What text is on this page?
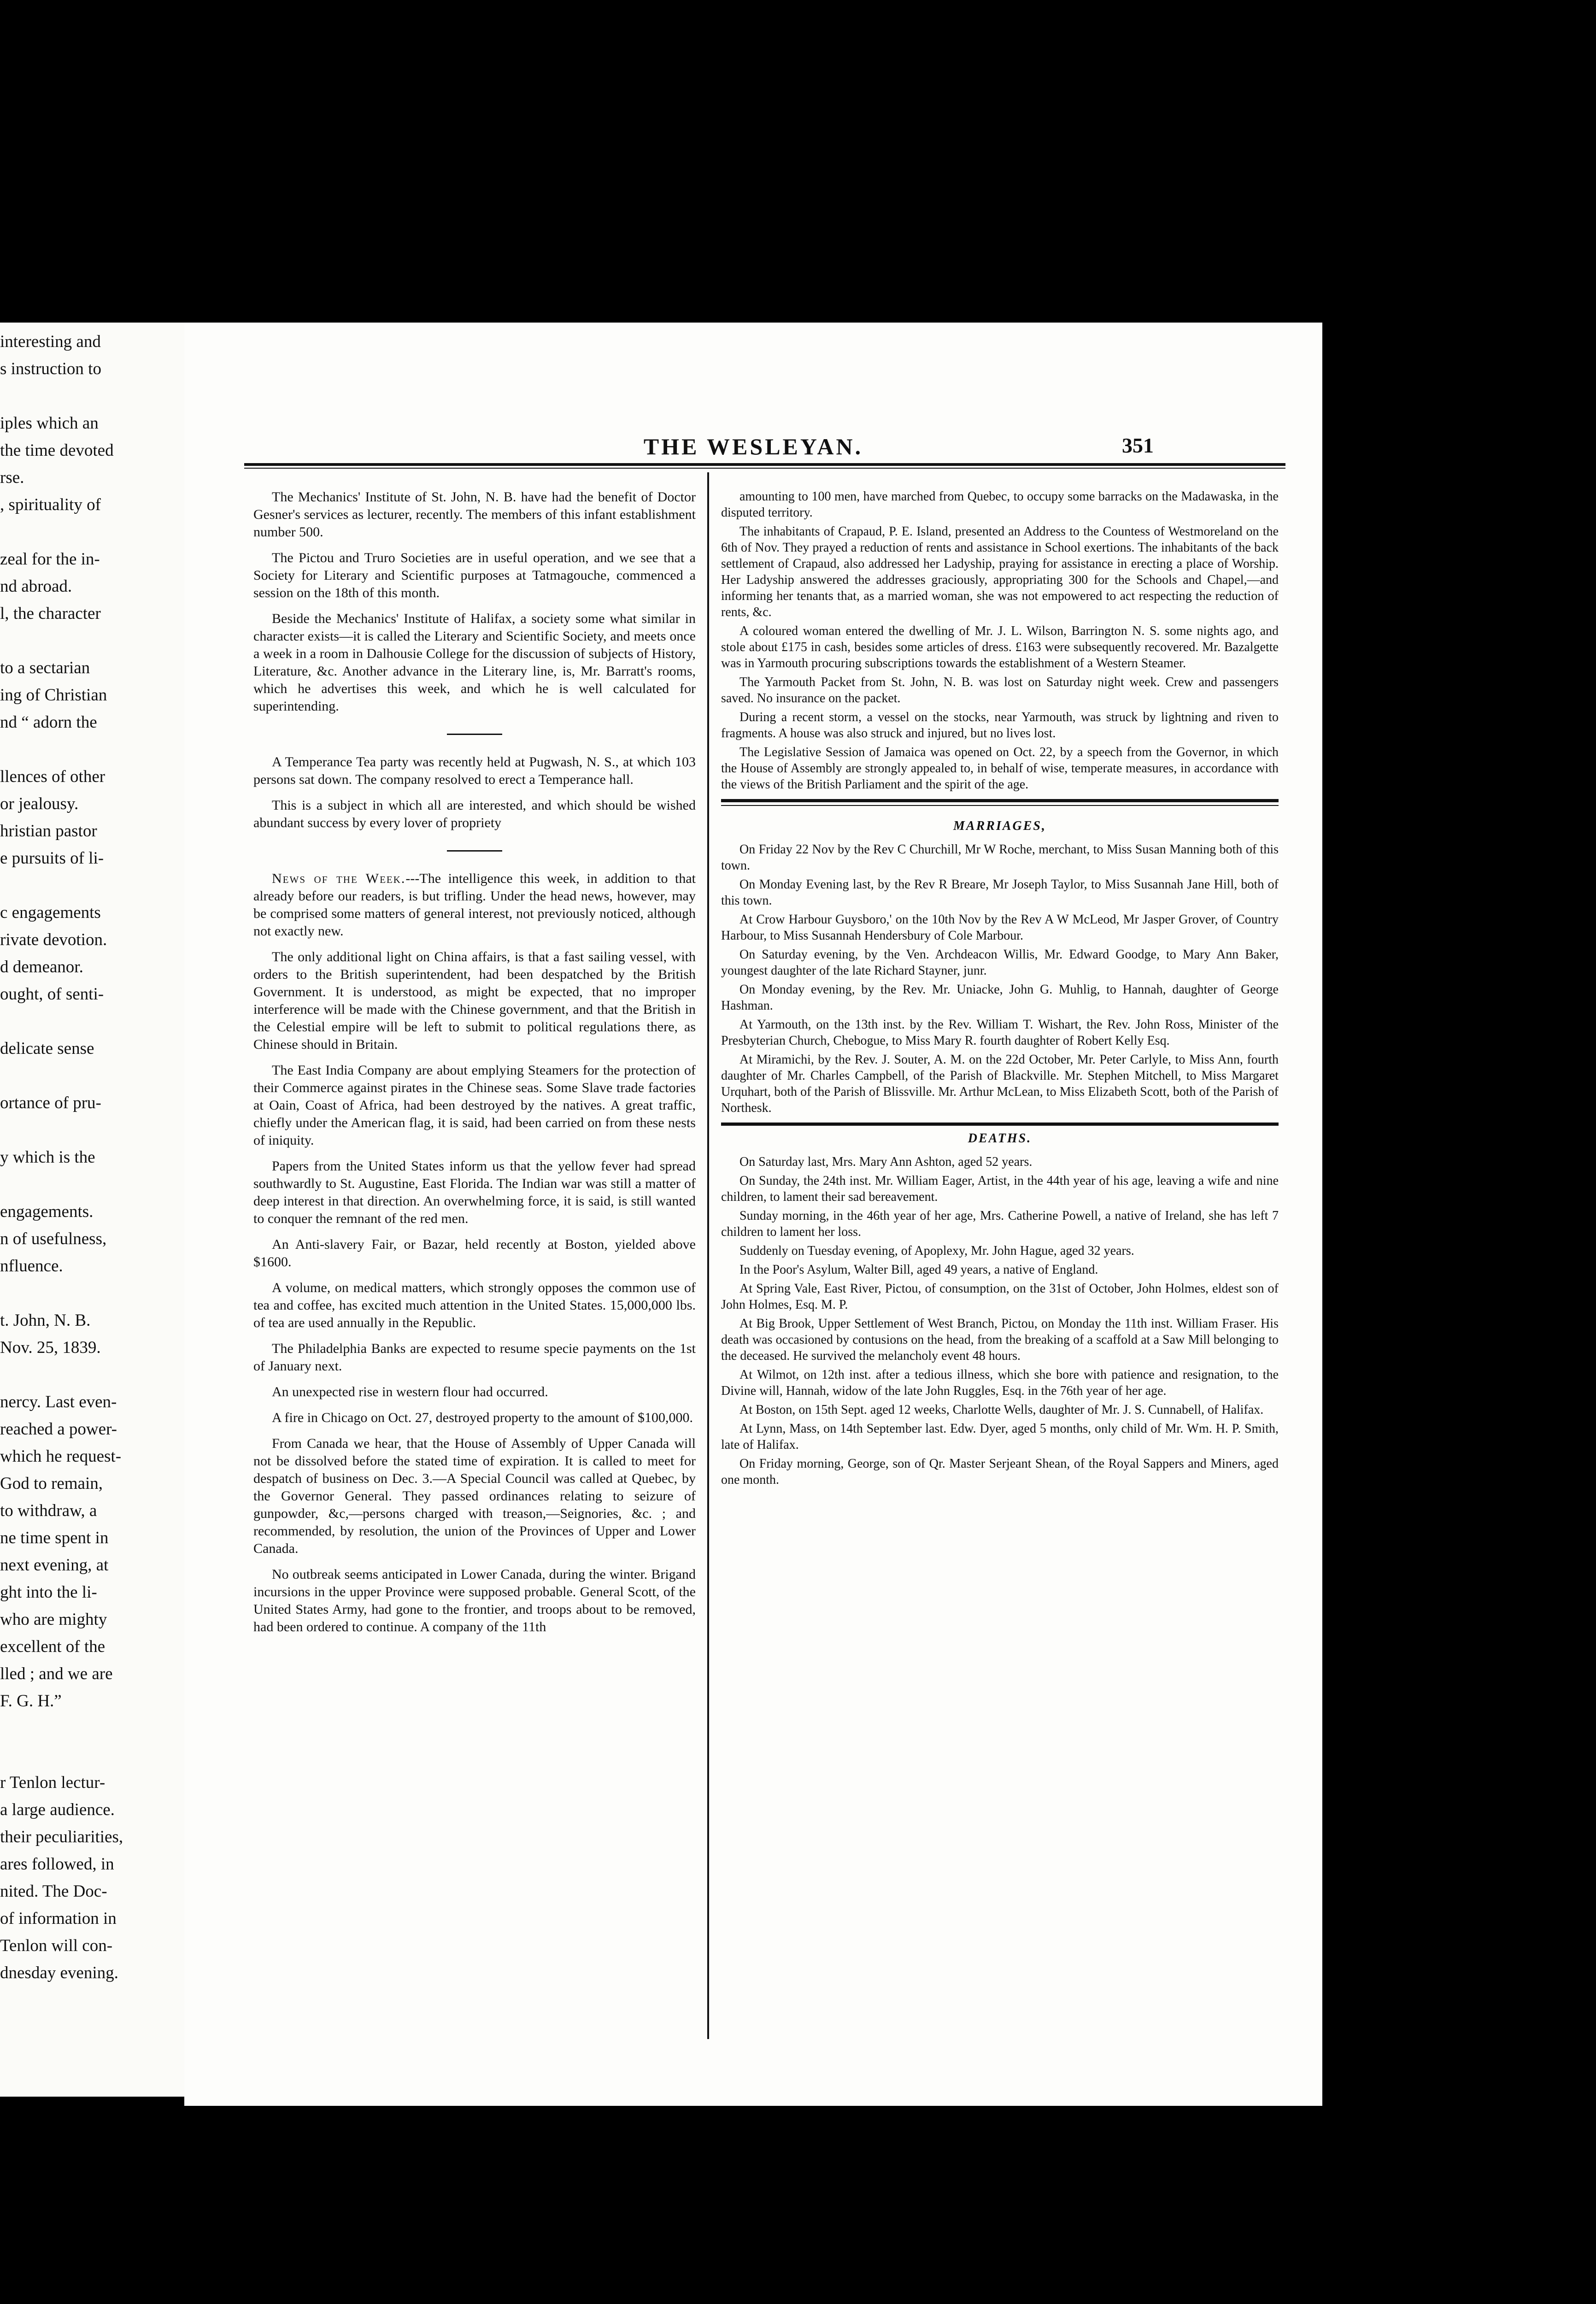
interesting and
s instruction to
iples which an
the time devoted
rse.
, spirituality of
zeal for the in-
nd abroad.
l, the character
to a sectarian
ing of Christian
nd “ adorn the
llences of other
or jealousy.
hristian pastor
e pursuits of li-
c engagements
rivate devotion.
d demeanor.
ought, of senti-
delicate sense
ortance of pru-
y which is the
engagements.
n of usefulness,
nfluence.
t. John, N. B.
Nov. 25, 1839.
nercy. Last even-
reached a power-
which he request-
God to remain,
to withdraw, a
ne time spent in
next evening, at
ght into the li-
who are mighty
excellent of the
lled ; and we are
F. G. H.”
r Tenlon lectur-
a large audience.
their peculiarities,
ares followed, in
nited. The Doc-
of information in
Tenlon will con-
dnesday evening.
THE WESLEYAN.	351

The Mechanics' Institute of St. John, N. B. have had the benefit of Doctor Gesner's services as lecturer, recently. The members of this infant establishment number 500.

The Pictou and Truro Societies are in useful operation, and we see that a Society for Literary and Scientific purposes at Tatmagouche, commenced a session on the 18th of this month.

Beside the Mechanics' Institute of Halifax, a society some what similar in character exists—it is called the Literary and Scientific Society, and meets once a week in a room in Dalhousie College for the discussion of subjects of History, Literature, &c. Another advance in the Literary line, is, Mr. Barratt's rooms, which he advertises this week, and which he is well calculated for superintending.

A Temperance Tea party was recently held at Pugwash, N. S., at which 103 persons sat down. The company resolved to erect a Temperance hall.

This is a subject in which all are interested, and which should be wished abundant success by every lover of propriety

News of the Week.---The intelligence this week, in addition to that already before our readers, is but trifling. Under the head news, however, may be comprised some matters of general interest, not previously noticed, although not exactly new.

The only additional light on China affairs, is that a fast sailing vessel, with orders to the British superintendent, had been despatched by the British Government. It is understood, as might be expected, that no improper interference will be made with the Chinese government, and that the British in the Celestial empire will be left to submit to political regulations there, as Chinese should in Britain.

The East India Company are about emplying Steamers for the protection of their Commerce against pirates in the Chinese seas. Some Slave trade factories at Oain, Coast of Africa, had been destroyed by the natives. A great traffic, chiefly under the American flag, it is said, had been carried on from these nests of iniquity.

Papers from the United States inform us that the yellow fever had spread southwardly to St. Augustine, East Florida. The Indian war was still a matter of deep interest in that direction. An overwhelming force, it is said, is still wanted to conquer the remnant of the red men.

An Anti-slavery Fair, or Bazar, held recently at Boston, yielded above $1600.

A volume, on medical matters, which strongly opposes the common use of tea and coffee, has excited much attention in the United States. 15,000,000 lbs. of tea are used annually in the Republic.

The Philadelphia Banks are expected to resume specie payments on the 1st of January next.

An unexpected rise in western flour had occurred.

A fire in Chicago on Oct. 27, destroyed property to the amount of $100,000.

From Canada we hear, that the House of Assembly of Upper Canada will not be dissolved before the stated time of expiration. It is called to meet for despatch of business on Dec. 3.—A Special Council was called at Quebec, by the Governor General. They passed ordinances relating to seizure of gunpowder, &c,—persons charged with treason,—Seignories, &c. ; and recommended, by resolution, the union of the Provinces of Upper and Lower Canada.

No outbreak seems anticipated in Lower Canada, during the winter. Brigand incursions in the upper Province were supposed probable. General Scott, of the United States Army, had gone to the frontier, and troops about to be removed, had been ordered to continue. A company of the 11th

amounting to 100 men, have marched from Quebec, to occupy some barracks on the Madawaska, in the disputed territory.

The inhabitants of Crapaud, P. E. Island, presented an Address to the Countess of Westmoreland on the 6th of Nov. They prayed a reduction of rents and assistance in School exertions. The inhabitants of the back settlement of Crapaud, also addressed her Ladyship, praying for assistance in erecting a place of Worship. Her Ladyship answered the addresses graciously, appropriating 300 for the Schools and Chapel,—and informing her tenants that, as a married woman, she was not empowered to act respecting the reduction of rents, &c.

A coloured woman entered the dwelling of Mr. J. L. Wilson, Barrington N. S. some nights ago, and stole about £175 in cash, besides some articles of dress. £163 were subsequently recovered. Mr. Bazalgette was in Yarmouth procuring subscriptions towards the establishment of a Western Steamer.

The Yarmouth Packet from St. John, N. B. was lost on Saturday night week. Crew and passengers saved. No insurance on the packet.

During a recent storm, a vessel on the stocks, near Yarmouth, was struck by lightning and riven to fragments. A house was also struck and injured, but no lives lost.

The Legislative Session of Jamaica was opened on Oct. 22, by a speech from the Governor, in which the House of Assembly are strongly appealed to, in behalf of wise, temperate measures, in accordance with the views of the British Parliament and the spirit of the age.

MARRIAGES,

On Friday 22 Nov by the Rev C Churchill, Mr W Roche, merchant, to Miss Susan Manning both of this town.

On Monday Evening last, by the Rev R Breare, Mr Joseph Taylor, to Miss Susannah Jane Hill, both of this town.

At Crow Harbour Guysboro,' on the 10th Nov by the Rev A W McLeod, Mr Jasper Grover, of Country Harbour, to Miss Susannah Hendersbury of Cole Marbour.

On Saturday evening, by the Ven. Archdeacon Willis, Mr. Edward Goodge, to Mary Ann Baker, youngest daughter of the late Richard Stayner, junr.

On Monday evening, by the Rev. Mr. Uniacke, John G. Muhlig, to Hannah, daughter of George Hashman.

At Yarmouth, on the 13th inst. by the Rev. William T. Wishart, the Rev. John Ross, Minister of the Presbyterian Church, Chebogue, to Miss Mary R. fourth daughter of Robert Kelly Esq.

At Miramichi, by the Rev. J. Souter, A. M. on the 22d October, Mr. Peter Carlyle, to Miss Ann, fourth daughter of Mr. Charles Campbell, of the Parish of Blackville. Mr. Stephen Mitchell, to Miss Margaret Urquhart, both of the Parish of Blissville. Mr. Arthur McLean, to Miss Elizabeth Scott, both of the Parish of Northesk.

DEATHS.

On Saturday last, Mrs. Mary Ann Ashton, aged 52 years.

On Sunday, the 24th inst. Mr. William Eager, Artist, in the 44th year of his age, leaving a wife and nine children, to lament their sad bereavement.

Sunday morning, in the 46th year of her age, Mrs. Catherine Powell, a native of Ireland, she has left 7 children to lament her loss.

Suddenly on Tuesday evening, of Apoplexy, Mr. John Hague, aged 32 years.

In the Poor's Asylum, Walter Bill, aged 49 years, a native of England.

At Spring Vale, East River, Pictou, of consumption, on the 31st of October, John Holmes, eldest son of John Holmes, Esq. M. P.

At Big Brook, Upper Settlement of West Branch, Pictou, on Monday the 11th inst. William Fraser. His death was occasioned by contusions on the head, from the breaking of a scaffold at a Saw Mill belonging to the deceased. He survived the melancholy event 48 hours.

At Wilmot, on 12th inst. after a tedious illness, which she bore with patience and resignation, to the Divine will, Hannah, widow of the late John Ruggles, Esq. in the 76th year of her age.

At Boston, on 15th Sept. aged 12 weeks, Charlotte Wells, daughter of Mr. J. S. Cunnabell, of Halifax.

At Lynn, Mass, on 14th September last. Edw. Dyer, aged 5 months, only child of Mr. Wm. H. P. Smith, late of Halifax.

On Friday morning, George, son of Qr. Master Serjeant Shean, of the Royal Sappers and Miners, aged one month.
